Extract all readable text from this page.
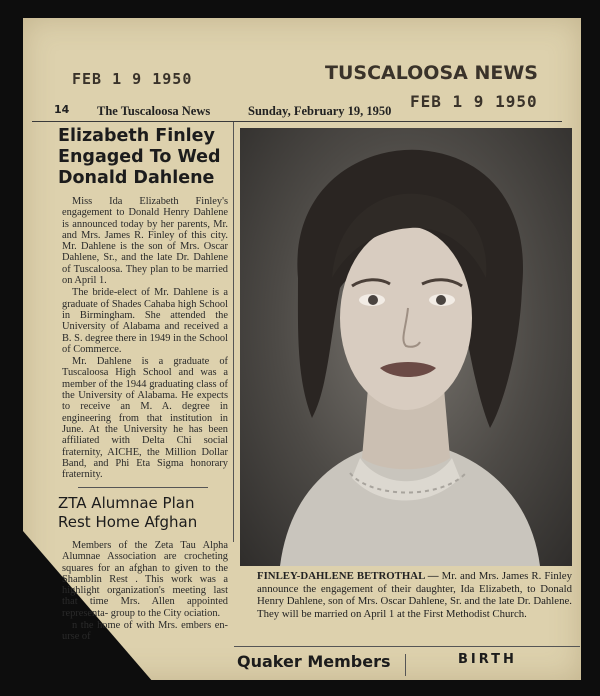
FEB 1 9 1950	TUSCALOOSA NEWS
FEB 1 9 1950
14 The Tuscaloosa News	Sunday, February 19, 1950
Elizabeth Finley Engaged To Wed Donald Dahlene

Miss Ida Elizabeth Finley's engagement to Donald Henry Dahlene is announced today by her parents, Mr. and Mrs. James R. Finley of this city. Mr. Dahlene is the son of Mrs. Oscar Dahlene, Sr., and the late Dr. Dahlene of Tuscaloosa. They plan to be married on April 1.

The bride-elect of Mr. Dahlene is a graduate of Shades Cahaba high School in Birmingham. She attended the University of Alabama and received a B. S. degree there in 1949 in the School of Commerce.

Mr. Dahlene is a graduate of Tuscaloosa High School and was a member of the 1944 graduating class of the University of Alabama. He expects to receive an M. A. degree in engineering from that institution in June. At the University he has been affiliated with Delta Chi social fraternity, AICHE, the Million Dollar Band, and Phi Eta Sigma honorary fraternity.

ZTA Alumnae Plan Rest Home Afghan

Members of the Zeta Tau Alpha Alumnae Association are crocheting squares for an afghan to given to the Shamblin Rest . This work was a highlight organization's meeting last that time Mrs. Allen appointed representa- group to the City ociation.

n the home of with Mrs. embers en- urse of

FINLEY-DAHLENE BETROTHAL — Mr. and Mrs. James R. Finley announce the engagement of their daughter, Ida Elizabeth, to Donald Henry Dahlene, son of Mrs. Oscar Dahlene, Sr. and the late Dr. Dahlene. They will be married on April 1 at the First Methodist Church.
Quaker Members	BIRTH
